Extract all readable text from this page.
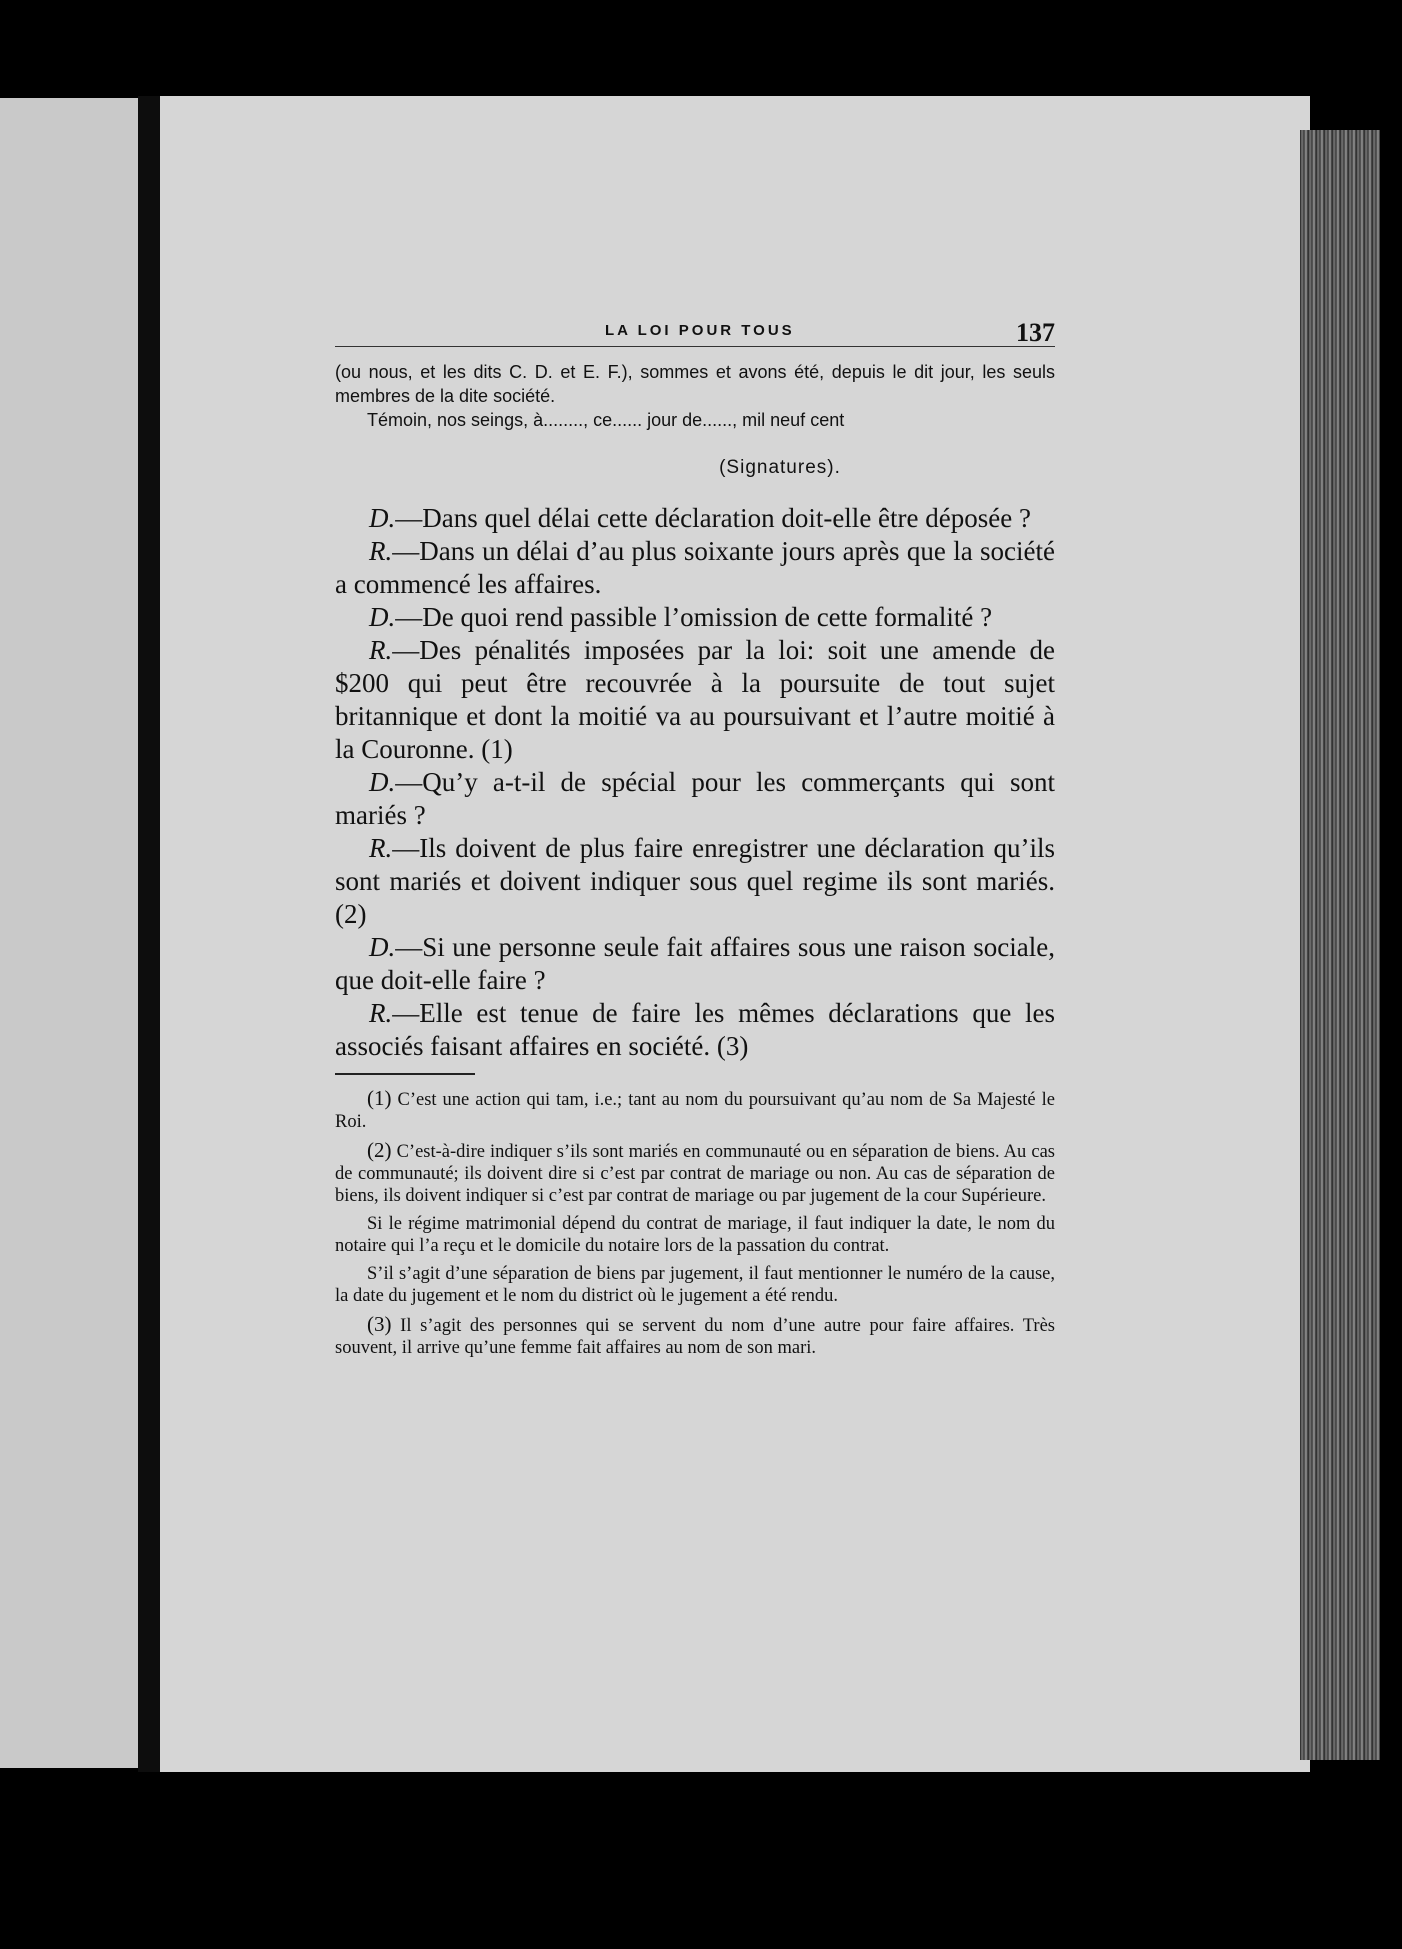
LA LOI POUR TOUS	137

(ou nous, et les dits C. D. et E. F.), sommes et avons été, depuis le dit jour, les seuls membres de la dite société.

Témoin, nos seings, à........, ce...... jour de......, mil neuf cent

(Signatures).

D.—Dans quel délai cette déclaration doit-elle être déposée ?

R.—Dans un délai d’au plus soixante jours après que la société a commencé les affaires.

D.—De quoi rend passible l’omission de cette formalité ?

R.—Des pénalités imposées par la loi: soit une amende de $200 qui peut être recouvrée à la poursuite de tout sujet britannique et dont la moitié va au poursuivant et l’autre moitié à la Couronne. (1)

D.—Qu’y a-t-il de spécial pour les commerçants qui sont mariés ?

R.—Ils doivent de plus faire enregistrer une déclaration qu’ils sont mariés et doivent indiquer sous quel regime ils sont mariés. (2)

D.—Si une personne seule fait affaires sous une raison sociale, que doit-elle faire ?

R.—Elle est tenue de faire les mêmes déclarations que les associés faisant affaires en société. (3)

(1) C’est une action qui tam, i.e.; tant au nom du poursuivant qu’au nom de Sa Majesté le Roi.

(2) C’est-à-dire indiquer s’ils sont mariés en communauté ou en séparation de biens. Au cas de communauté; ils doivent dire si c’est par contrat de mariage ou non. Au cas de séparation de biens, ils doivent indiquer si c’est par contrat de mariage ou par jugement de la cour Supérieure.

Si le régime matrimonial dépend du contrat de mariage, il faut indiquer la date, le nom du notaire qui l’a reçu et le domicile du notaire lors de la passation du contrat.

S’il s’agit d’une séparation de biens par jugement, il faut mentionner le numéro de la cause, la date du jugement et le nom du district où le jugement a été rendu.

(3) Il s’agit des personnes qui se servent du nom d’une autre pour faire affaires. Très souvent, il arrive qu’une femme fait affaires au nom de son mari.
